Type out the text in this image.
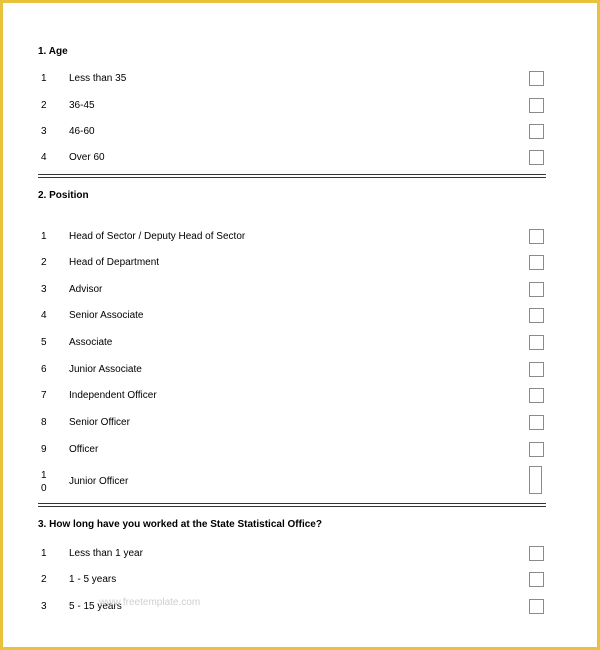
1. Age
1 Less than 35
2 36-45
3 46-60
4 Over 60
2. Position
1 Head of Sector / Deputy Head of Sector
2 Head of Department
3 Advisor
4 Senior Associate
5 Associate
6 Junior Associate
7 Independent Officer
8 Senior Officer
9 Officer
10
Junior Officer
3. How long have you worked at the State Statistical Office?
1 Less than 1 year
2 1 - 5 years
3 5 - 15 years
www.freetemplate.com
